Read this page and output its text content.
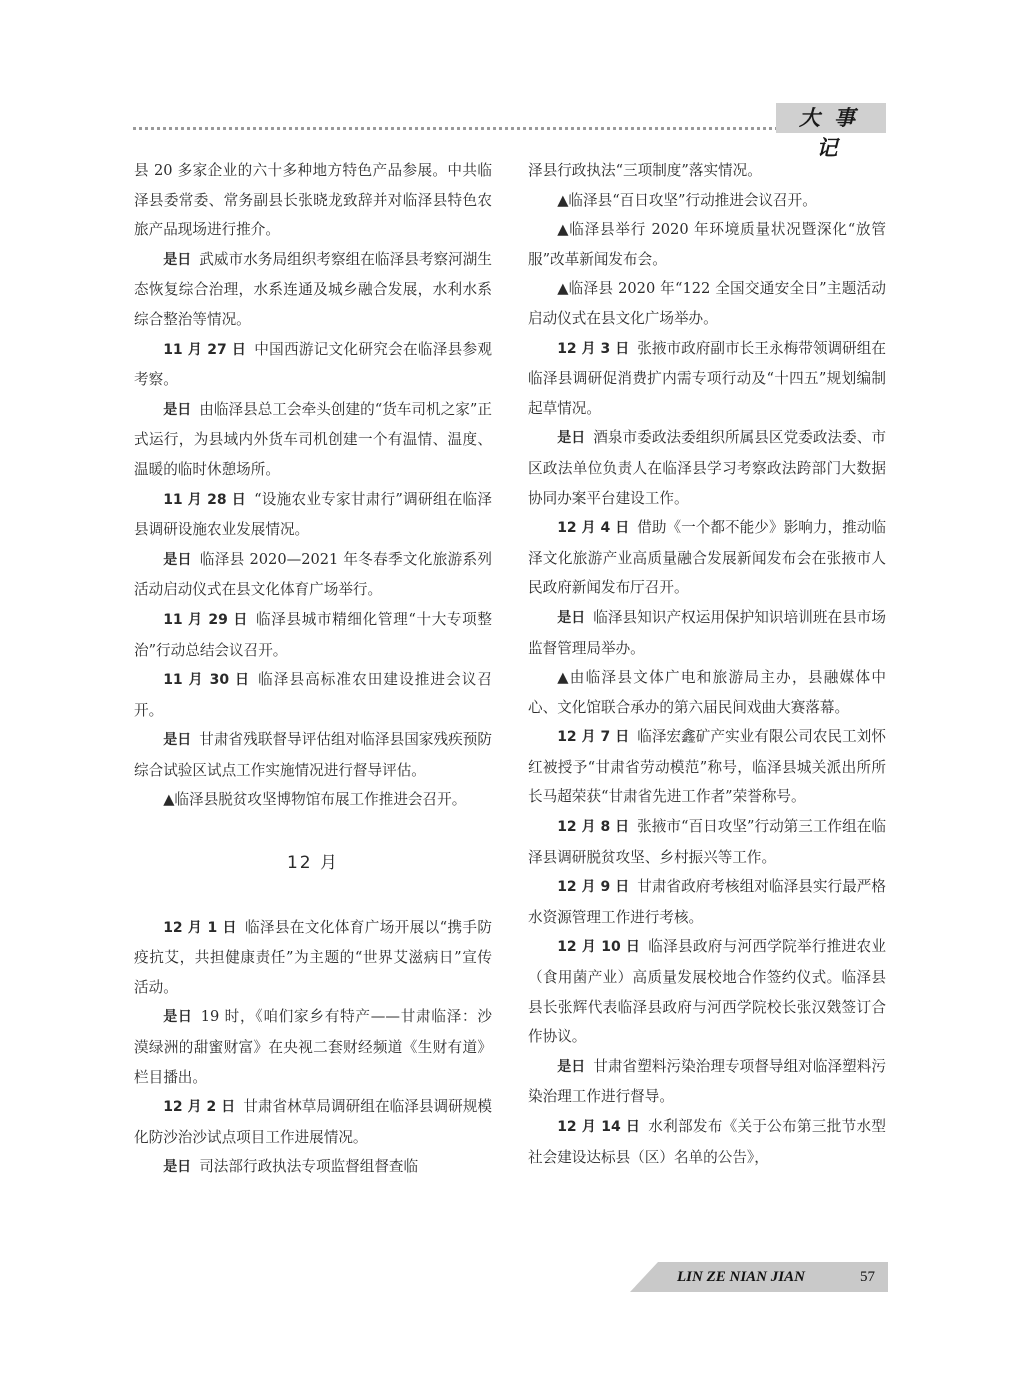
大事记

县 20 多家企业的六十多种地方特色产品参展。中共临泽县委常委、常务副县长张晓龙致辞并对临泽县特色农旅产品现场进行推介。

是日 武威市水务局组织考察组在临泽县考察河湖生态恢复综合治理，水系连通及城乡融合发展，水利水系综合整治等情况。

11 月 27 日 中国西游记文化研究会在临泽县参观考察。

是日 由临泽县总工会牵头创建的“货车司机之家”正式运行，为县域内外货车司机创建一个有温情、温度、温暖的临时休憩场所。

11 月 28 日 “设施农业专家甘肃行”调研组在临泽县调研设施农业发展情况。

是日 临泽县 2020—2021 年冬春季文化旅游系列活动启动仪式在县文化体育广场举行。

11 月 29 日 临泽县城市精细化管理“十大专项整治”行动总结会议召开。

11 月 30 日 临泽县高标准农田建设推进会议召开。

是日 甘肃省残联督导评估组对临泽县国家残疾预防综合试验区试点工作实施情况进行督导评估。

▲临泽县脱贫攻坚博物馆布展工作推进会召开。

12 月

12 月 1 日 临泽县在文化体育广场开展以“携手防疫抗艾，共担健康责任”为主题的“世界艾滋病日”宣传活动。

是日 19 时，《咱们家乡有特产——甘肃临泽：沙漠绿洲的甜蜜财富》在央视二套财经频道《生财有道》栏目播出。

12 月 2 日 甘肃省林草局调研组在临泽县调研规模化防沙治沙试点项目工作进展情况。

是日 司法部行政执法专项监督组督查临

泽县行政执法“三项制度”落实情况。

▲临泽县“百日攻坚”行动推进会议召开。

▲临泽县举行 2020 年环境质量状况暨深化“放管服”改革新闻发布会。

▲临泽县 2020 年“122 全国交通安全日”主题活动启动仪式在县文化广场举办。

12 月 3 日 张掖市政府副市长王永梅带领调研组在临泽县调研促消费扩内需专项行动及“十四五”规划编制起草情况。

是日 酒泉市委政法委组织所属县区党委政法委、市区政法单位负责人在临泽县学习考察政法跨部门大数据协同办案平台建设工作。

12 月 4 日 借助《一个都不能少》影响力，推动临泽文化旅游产业高质量融合发展新闻发布会在张掖市人民政府新闻发布厅召开。

是日 临泽县知识产权运用保护知识培训班在县市场监督管理局举办。

▲由临泽县文体广电和旅游局主办，县融媒体中心、文化馆联合承办的第六届民间戏曲大赛落幕。

12 月 7 日 临泽宏鑫矿产实业有限公司农民工刘怀红被授予“甘肃省劳动模范”称号，临泽县城关派出所所长马超荣获“甘肃省先进工作者”荣誉称号。

12 月 8 日 张掖市“百日攻坚”行动第三工作组在临泽县调研脱贫攻坚、乡村振兴等工作。

12 月 9 日 甘肃省政府考核组对临泽县实行最严格水资源管理工作进行考核。

12 月 10 日 临泽县政府与河西学院举行推进农业（食用菌产业）高质量发展校地合作签约仪式。临泽县县长张辉代表临泽县政府与河西学院校长张汉戣签订合作协议。

是日 甘肃省塑料污染治理专项督导组对临泽塑料污染治理工作进行督导。

12 月 14 日 水利部发布《关于公布第三批节水型社会建设达标县（区）名单的公告》，

LIN ZE NIAN JIAN	57
